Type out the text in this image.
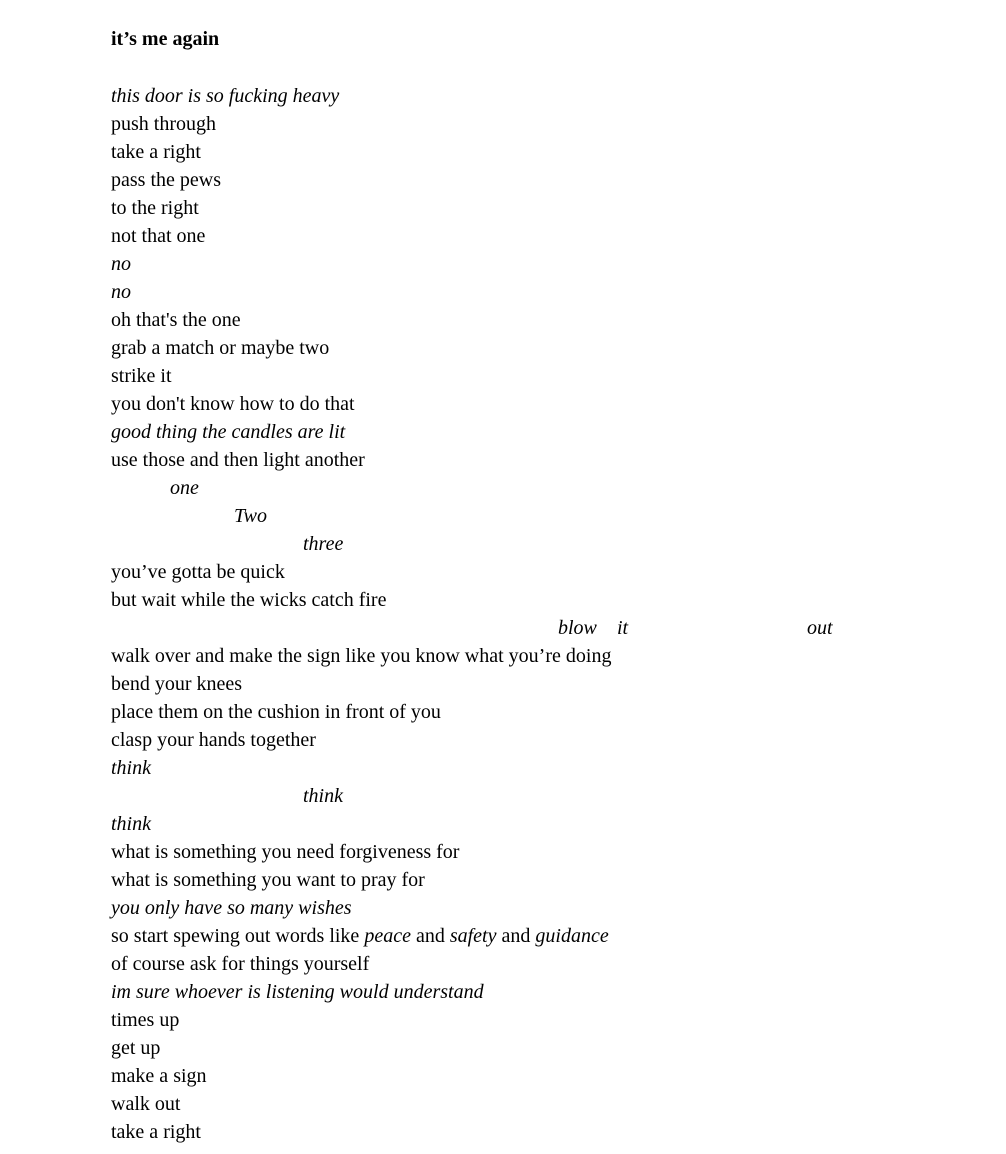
it’s me again
this door is so fucking heavy
push through
take a right
pass the pews
to the right
not that one
no
no
oh that's the one
grab a match or maybe two
strike it
you don't know how to do that
good thing the candles are lit
use those and then light another
one
Two
three
you’ve gotta be quick
but wait while the wicks catch fire
blow it	out
walk over and make the sign like you know what you’re doing
bend your knees
place them on the cushion in front of you
clasp your hands together
think
think
think
what is something you need forgiveness for
what is something you want to pray for
you only have so many wishes
so start spewing out words like peace and safety and guidance
of course ask for things yourself
im sure whoever is listening would understand
times up
get up
make a sign
walk out
take a right
